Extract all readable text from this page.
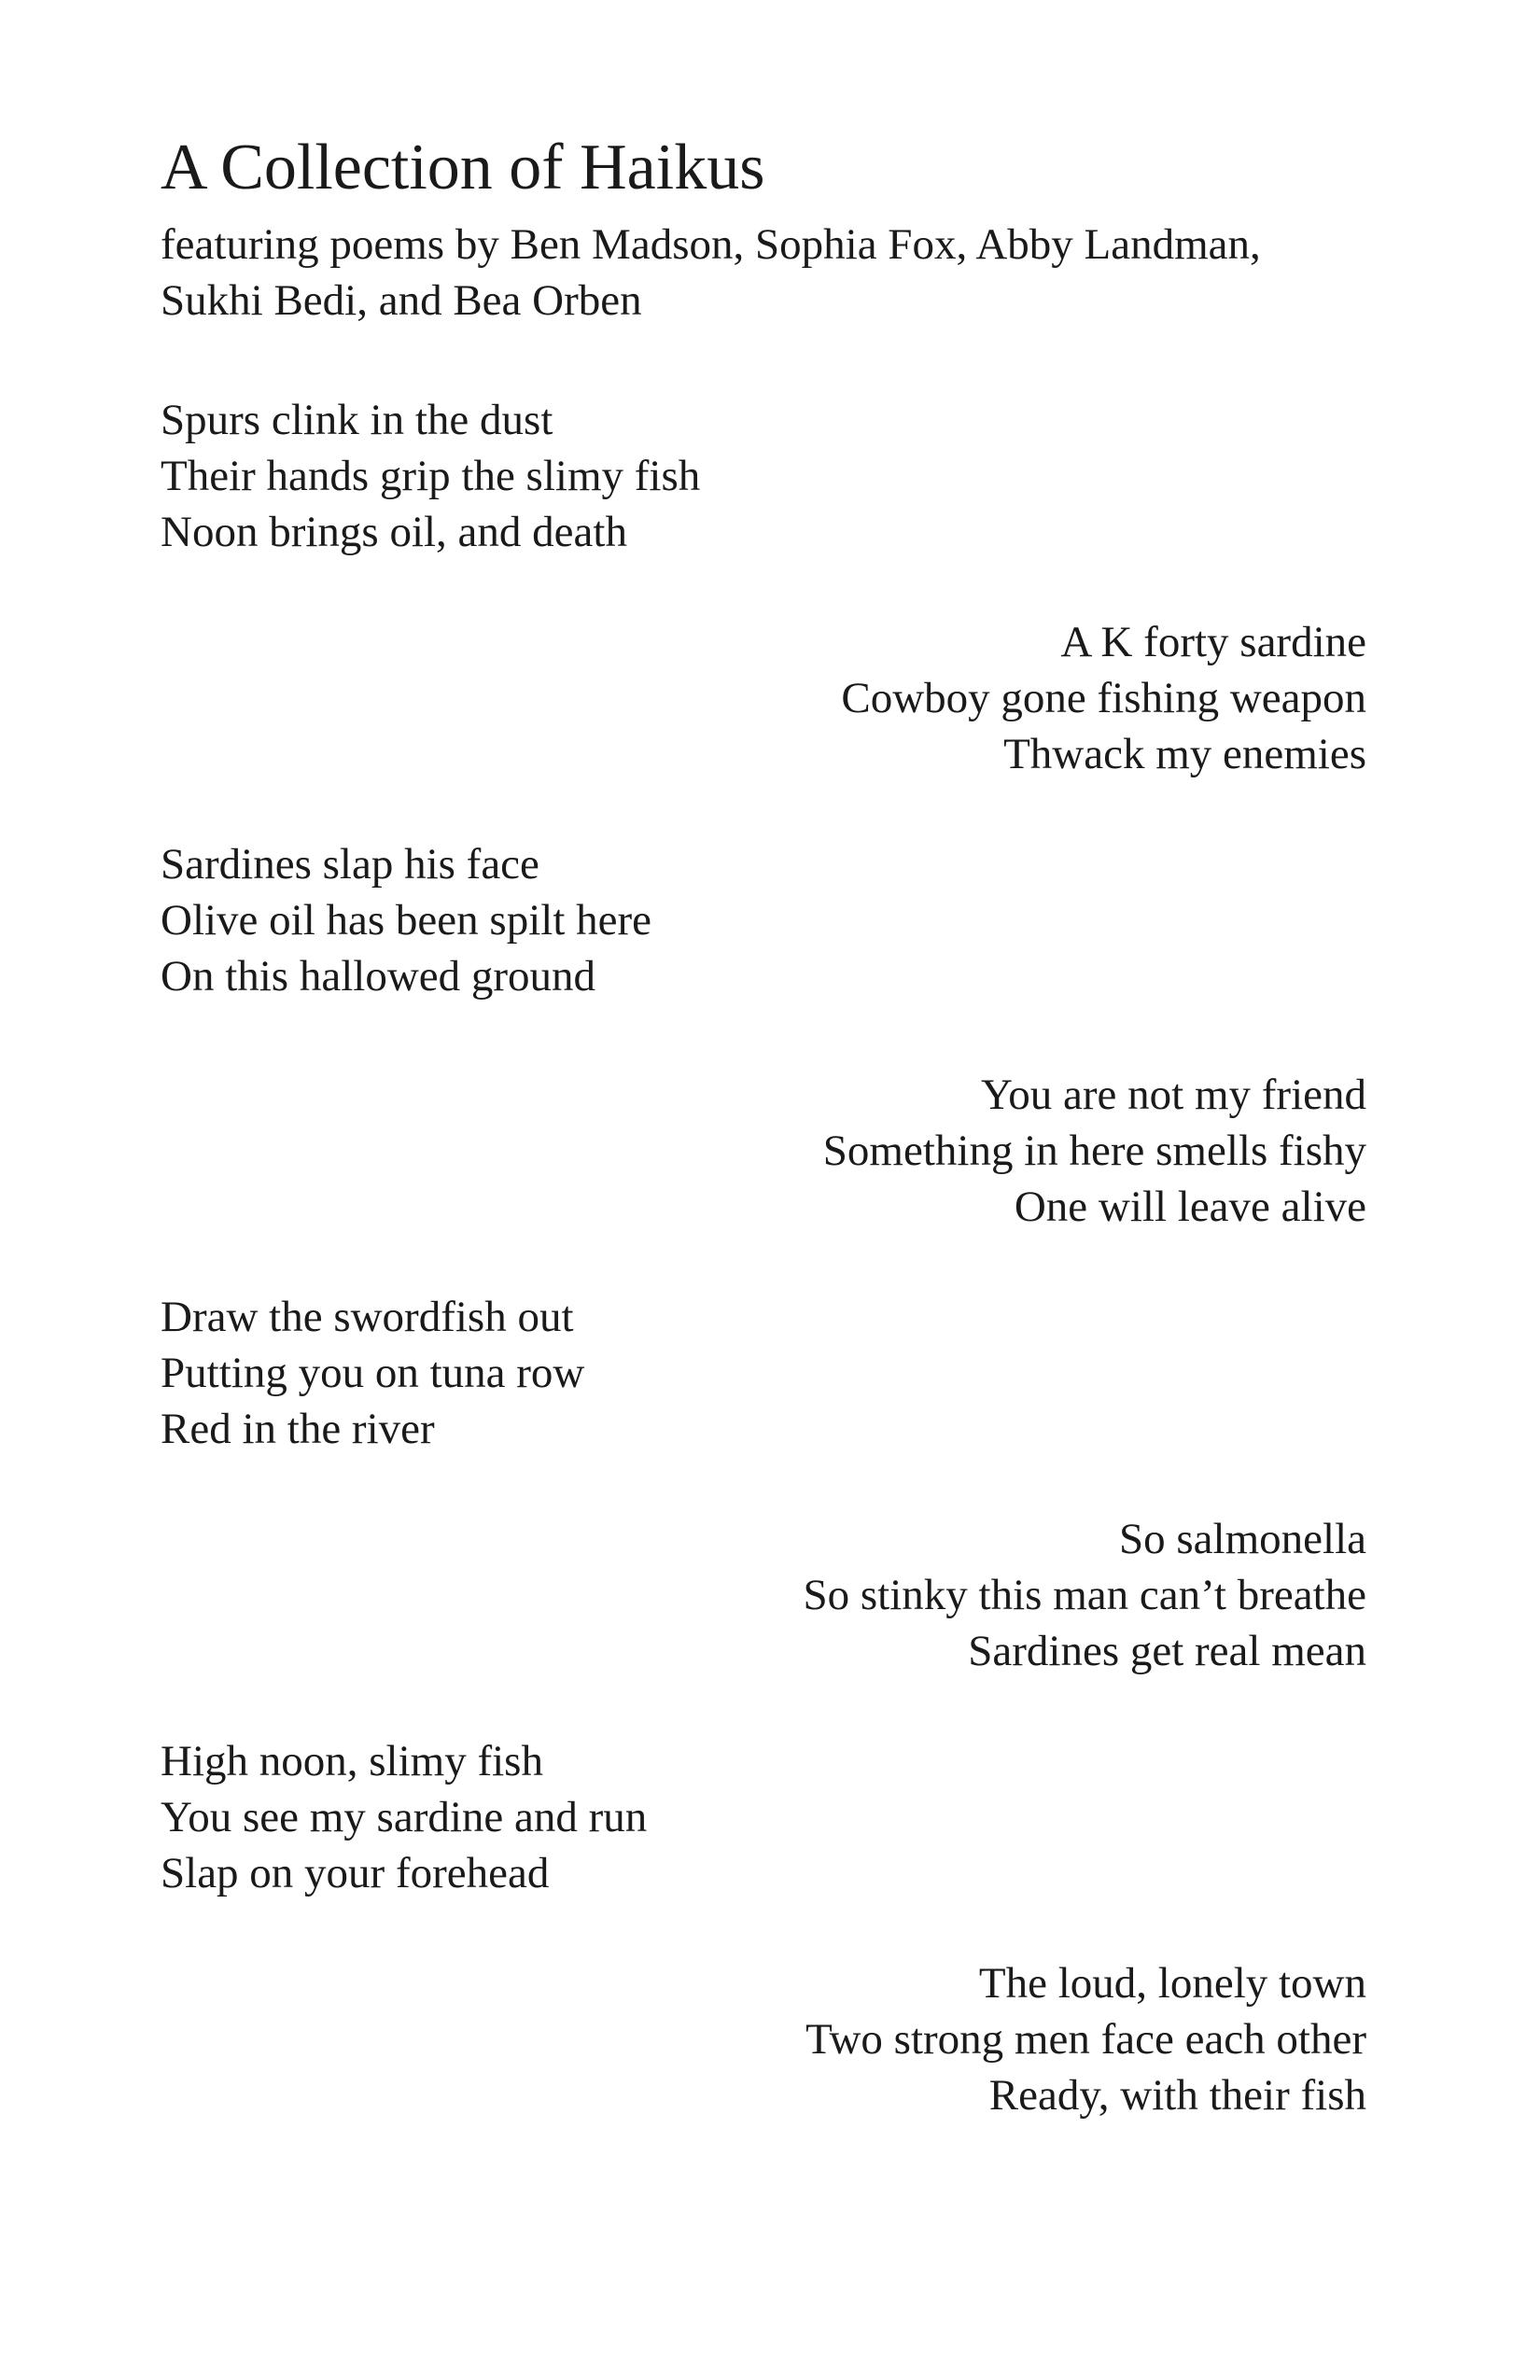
A Collection of Haikus

featuring poems by Ben Madson, Sophia Fox, Abby Landman,
Sukhi Bedi, and Bea Orben

Spurs clink in the dust
Their hands grip the slimy fish
Noon brings oil, and death
A K forty sardine
Cowboy gone fishing weapon
Thwack my enemies
Sardines slap his face
Olive oil has been spilt here
On this hallowed ground
You are not my friend
Something in here smells fishy
One will leave alive
Draw the swordfish out
Putting you on tuna row
Red in the river
So salmonella
So stinky this man can’t breathe
Sardines get real mean
High noon, slimy fish
You see my sardine and run
Slap on your forehead
The loud, lonely town
Two strong men face each other
Ready, with their fish
